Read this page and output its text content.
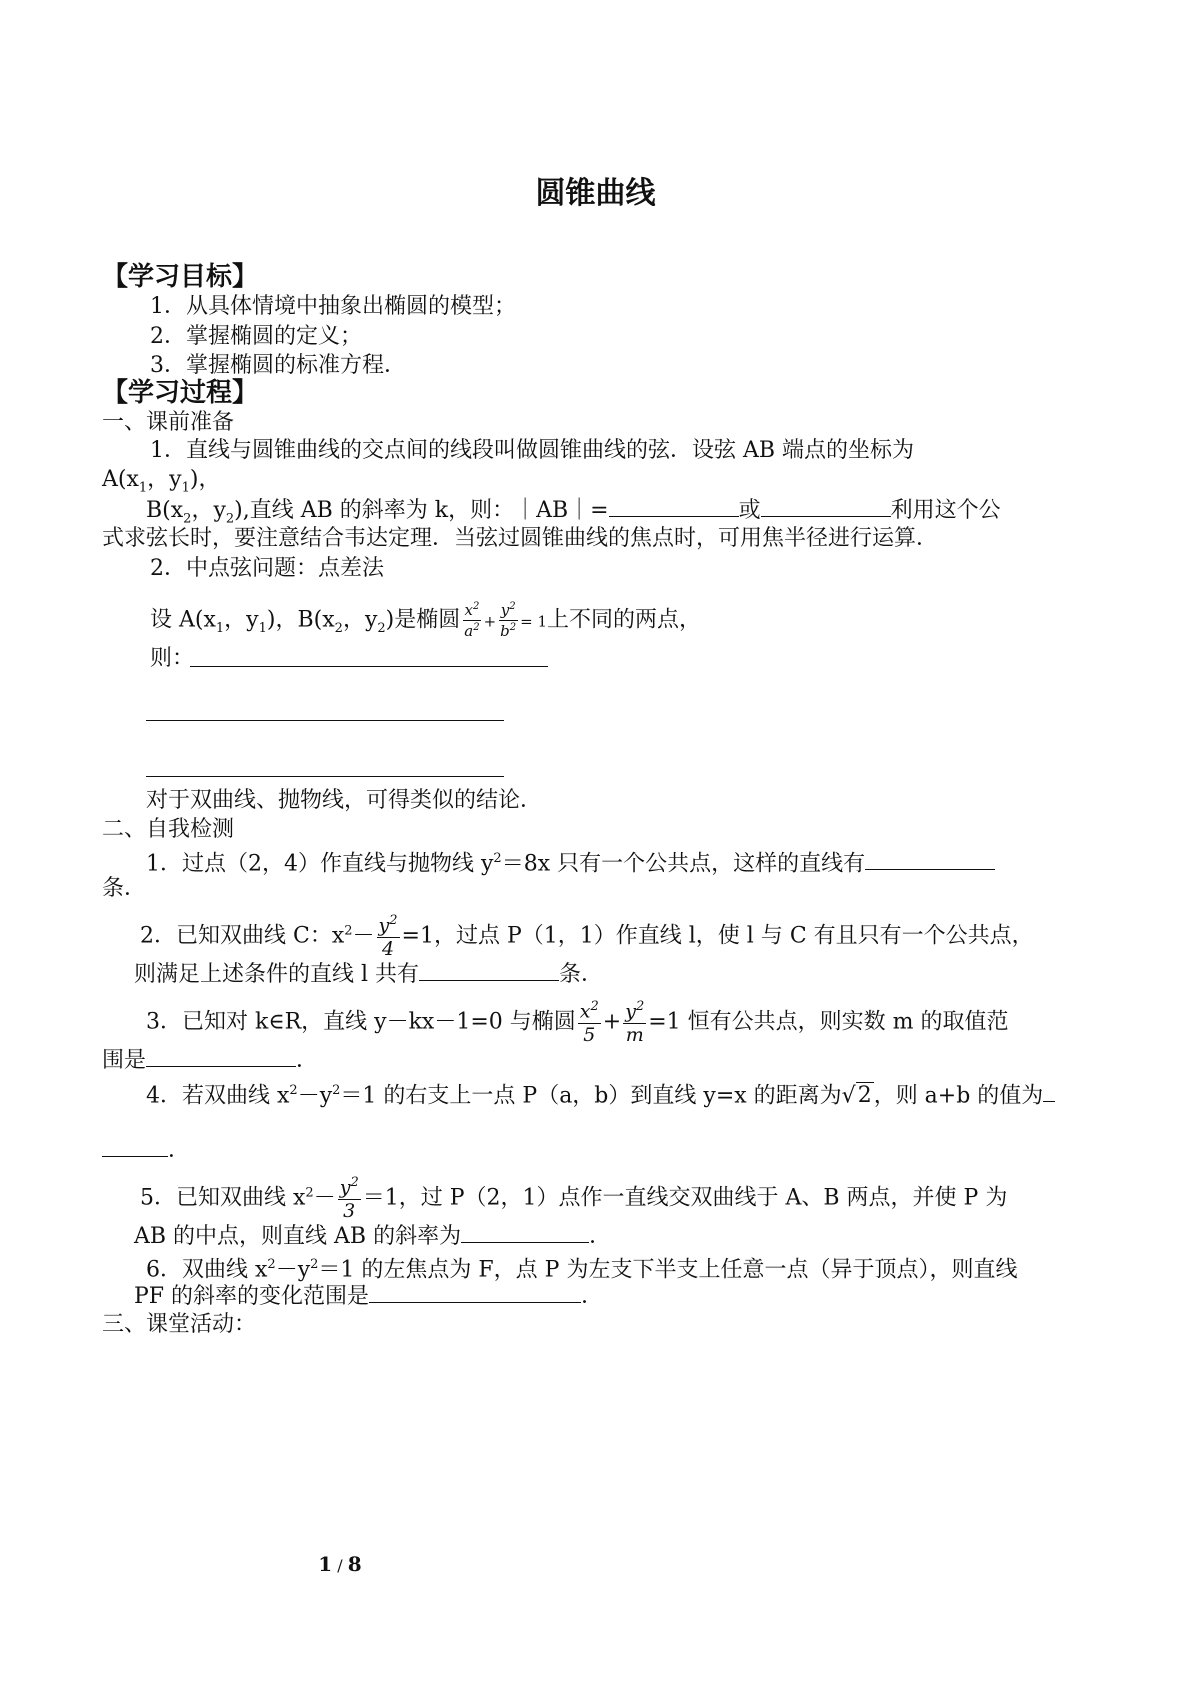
圆锥曲线
【学习目标】
1．从具体情境中抽象出椭圆的模型；
2．掌握椭圆的定义；
3．掌握椭圆的标准方程．
【学习过程】
一、课前准备
1．直线与圆锥曲线的交点间的线段叫做圆锥曲线的弦．设弦 AB 端点的坐标为
$A(x_1$，$y_1$)，
$B(x_2$，$y_2$),直线 AB 的斜率为 k，则：｜AB｜=	或	利用这个公
式求弦长时，要注意结合韦达定理．当弦过圆锥曲线的焦点时，可用焦半径进行运算．
2．中点弦问题：点差法
设 $A(x_1$，$y_1$)，$B(x_2$，$y_2$)是椭圆 $\frac{x^2}{a^2} + \frac{y^2}{b^2} = 1$上不同的两点，
则：
对于双曲线、抛物线，可得类似的结论．
二、自我检测
1．过点（2，4）作直线与抛物线 $y^2=8x$ 只有一个公共点，这样的直线有
条．
2．已知双曲线 C：$x^2- \frac{y^2}{4} =1$，过点 P（1，1）作直线 l，使 l 与 C 有且只有一个公共点，
则满足上述条件的直线 l 共有	条．
3．已知对 k∈R，直线 y－kx－1=0 与椭圆 $\frac{x^2}{5} + \frac{y^2}{m} =1$ 恒有公共点，则实数 m 的取值范
围是	．
4．若双曲线 $x^2-y^2=1$ 的右支上一点 P（a，b）到直线 y=x 的距离为√2，则 a+b 的值为
．
5．已知双曲线 $x^2- \frac{y^2}{3} =1$，过 P（2，1）点作一直线交双曲线于 A、B 两点，并使 P 为
AB 的中点，则直线 AB 的斜率为	．
6．双曲线 $x^2-y^2=1$ 的左焦点为 F，点 P 为左支下半支上任意一点（异于顶点），则直线
PF 的斜率的变化范围是	．
三、课堂活动：
1 / 8
